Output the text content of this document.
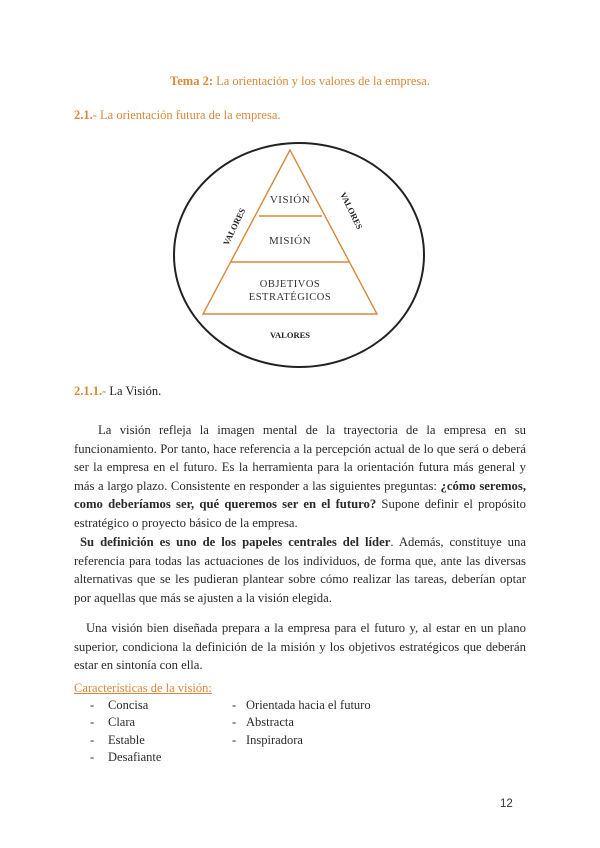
Tema 2: La orientación y los valores de la empresa.
2.1.- La orientación futura de la empresa.
VISIÓN
MISIÓN
OBJETIVOS
ESTRATÉGICOS
VALORES	VALORES
VALORES
2.1.1.- La Visión.
La visión refleja la imagen mental de la trayectoria de la empresa en su funcionamiento. Por tanto, hace referencia a la percepción actual de lo que será o deberá ser la empresa en el futuro. Es la herramienta para la orientación futura más general y más a largo plazo. Consistente en responder a las siguientes preguntas: ¿cómo seremos, como deberíamos ser, qué queremos ser en el futuro? Supone definir el propósito estratégico o proyecto básico de la empresa.
Su definición es uno de los papeles centrales del líder. Además, constituye una referencia para todas las actuaciones de los individuos, de forma que, ante las diversas alternativas que se les pudieran plantear sobre cómo realizar las tareas, deberían optar por aquellas que más se ajusten a la visión elegida.
Una visión bien diseñada prepara a la empresa para el futuro y, al estar en un plano superior, condiciona la definición de la misión y los objetivos estratégicos que deberán estar en sintonía con ella.
Características de la visión:
-	Concisa
-	Clara
-	Estable
-	Desafiante
- Orientada hacia el futuro
- Abstracta
- Inspiradora
12
